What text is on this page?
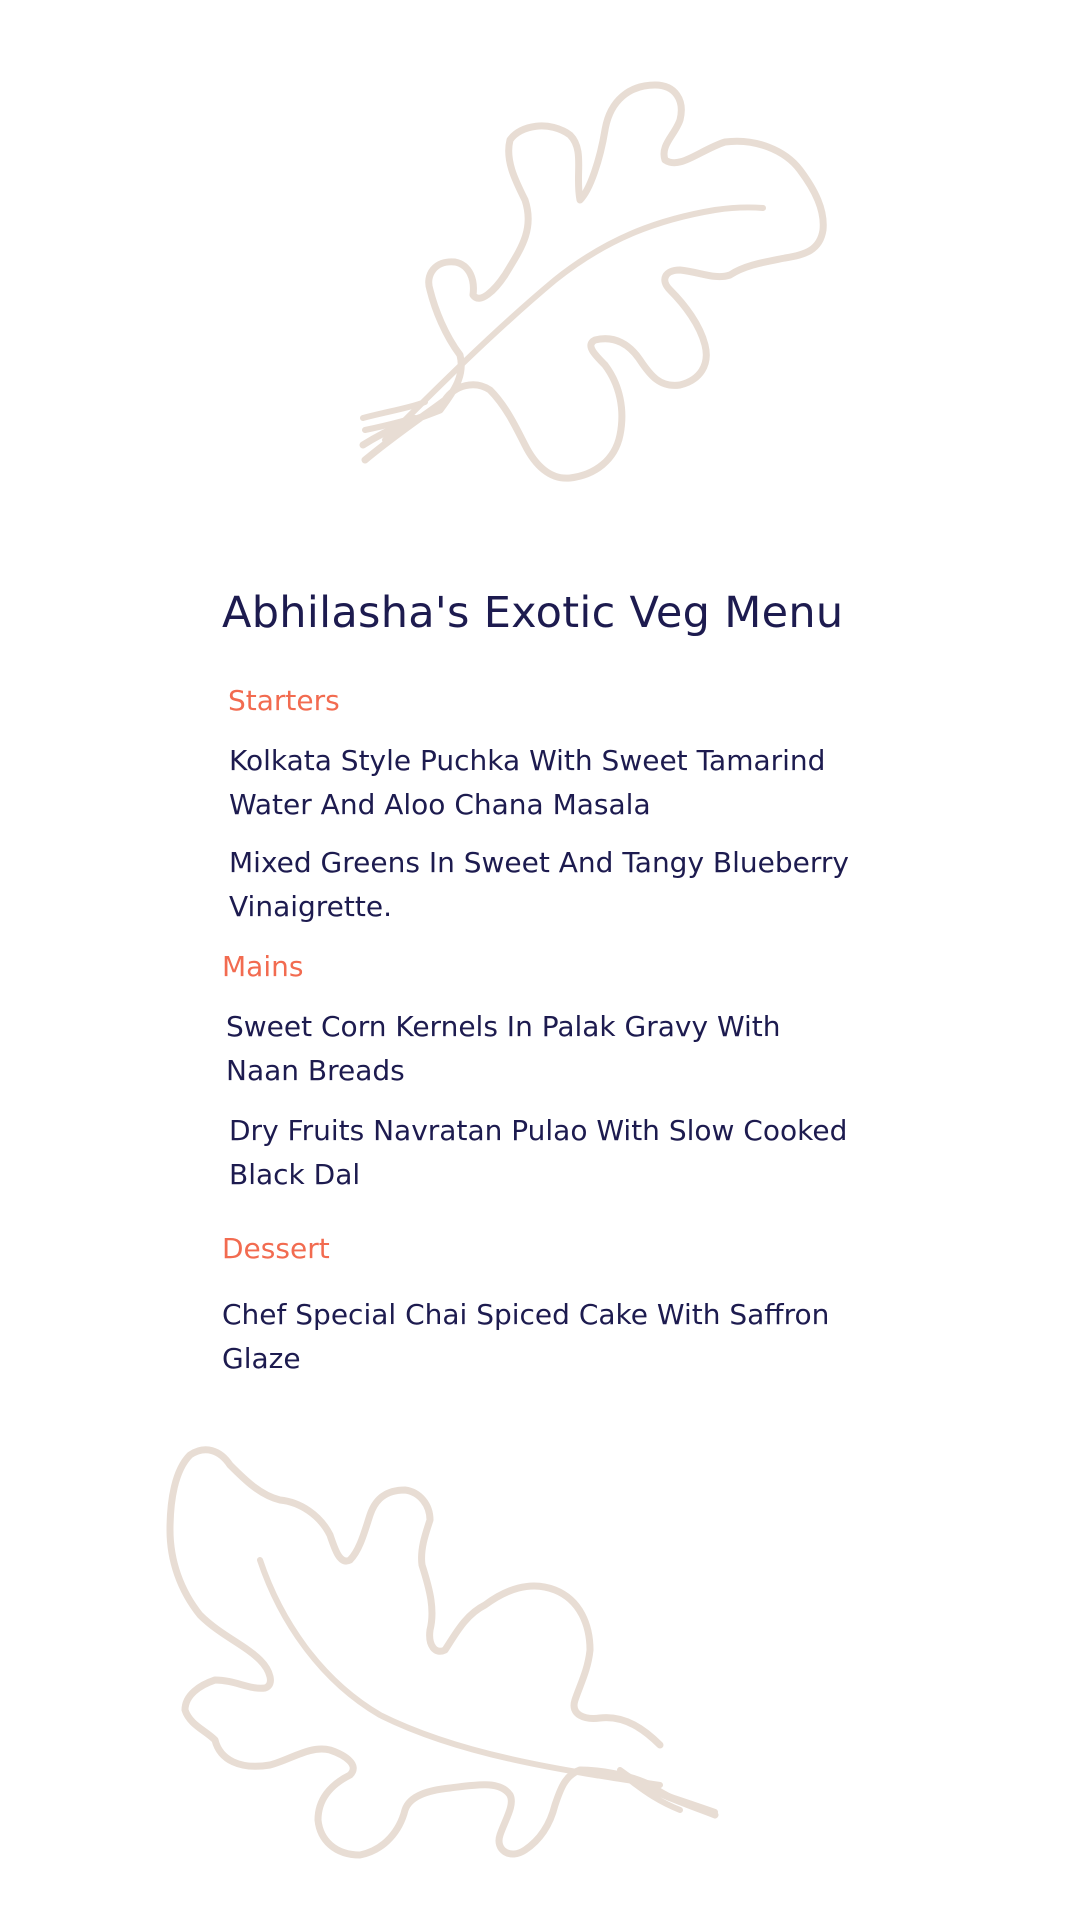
Abhilasha's Exotic Veg Menu
Starters
Kolkata Style Puchka With Sweet Tamarind Water And Aloo Chana Masala
Mixed Greens In Sweet And Tangy Blueberry Vinaigrette.
Mains
Sweet Corn Kernels In Palak Gravy With Naan Breads
Dry Fruits Navratan Pulao With Slow Cooked Black Dal
Dessert
Chef Special Chai Spiced Cake With Saffron Glaze
